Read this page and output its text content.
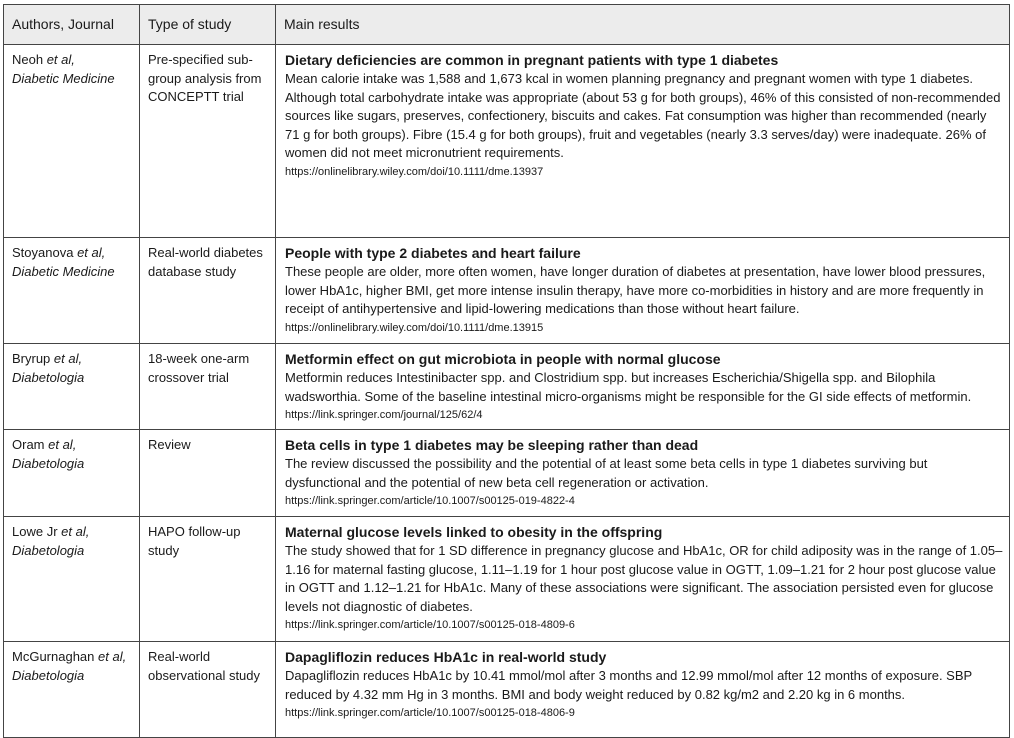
Authors, Journal	Type of study	Main results
Neoh et al,
Diabetic Medicine	Pre-specified sub-group analysis from CONCEPTT trial	Dietary deficiencies are common in pregnant patients with type 1 diabetes
Mean calorie intake was 1,588 and 1,673 kcal in women planning pregnancy and pregnant women with type 1 diabetes. Although total carbohydrate intake was appropriate (about 53 g for both groups), 46% of this consisted of non-recommended sources like sugars, preserves, confectionery, biscuits and cakes. Fat consumption was higher than recommended (nearly 71 g for both groups). Fibre (15.4 g for both groups), fruit and vegetables (nearly 3.3 serves/day) were inadequate. 26% of women did not meet micronutrient requirements.
https://onlinelibrary.wiley.com/doi/10.1111/dme.13937

Stoyanova et al,
Diabetic Medicine	Real-world diabetes database study	People with type 2 diabetes and heart failure
These people are older, more often women, have longer duration of diabetes at presentation, have lower blood pressures, lower HbA1c, higher BMI, get more intense insulin therapy, have more co-morbidities in history and are more frequently in receipt of antihypertensive and lipid-lowering medications than those without heart failure.
https://onlinelibrary.wiley.com/doi/10.1111/dme.13915

Bryrup et al,
Diabetologia	18-week one-arm crossover trial	Metformin effect on gut microbiota in people with normal glucose
Metformin reduces Intestinibacter spp. and Clostridium spp. but increases Escherichia/Shigella spp. and Bilophila wadsworthia. Some of the baseline intestinal micro-organisms might be responsible for the GI side effects of metformin.
https://link.springer.com/journal/125/62/4

Oram et al,
Diabetologia	Review	Beta cells in type 1 diabetes may be sleeping rather than dead
The review discussed the possibility and the potential of at least some beta cells in type 1 diabetes surviving but dysfunctional and the potential of new beta cell regeneration or activation.
https://link.springer.com/article/10.1007/s00125-019-4822-4

Lowe Jr et al,
Diabetologia	HAPO follow-up study	Maternal glucose levels linked to obesity in the offspring
The study showed that for 1 SD difference in pregnancy glucose and HbA1c, OR for child adiposity was in the range of 1.05–1.16 for maternal fasting glucose, 1.11–1.19 for 1 hour post glucose value in OGTT, 1.09–1.21 for 2 hour post glucose value in OGTT and 1.12–1.21 for HbA1c. Many of these associations were significant. The association persisted even for glucose levels not diagnostic of diabetes.
https://link.springer.com/article/10.1007/s00125-018-4809-6

McGurnaghan et al,
Diabetologia	Real-world observational study	Dapagliflozin reduces HbA1c in real-world study
Dapagliflozin reduces HbA1c by 10.41 mmol/mol after 3 months and 12.99 mmol/mol after 12 months of exposure. SBP reduced by 4.32 mm Hg in 3 months. BMI and body weight reduced by 0.82 kg/m2 and 2.20 kg in 6 months.
https://link.springer.com/article/10.1007/s00125-018-4806-9
